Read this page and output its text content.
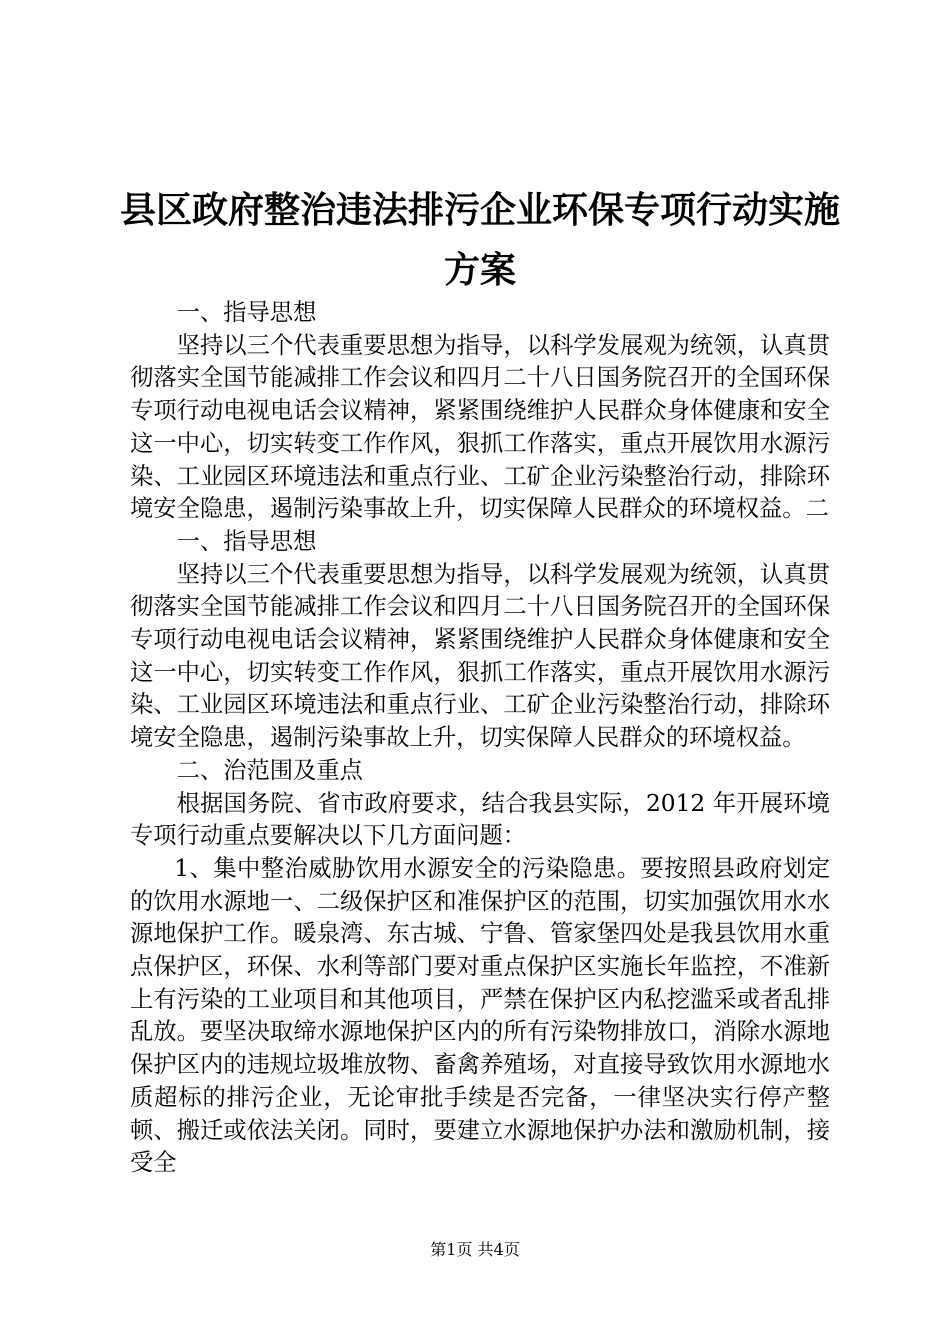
县区政府整治违法排污企业环保专项行动实施
方案

一、指导思想

坚持以三个代表重要思想为指导，以科学发展观为统领，认真贯彻落实全国节能减排工作会议和四月二十八日国务院召开的全国环保专项行动电视电话会议精神，紧紧围绕维护人民群众身体健康和安全这一中心，切实转变工作作风，狠抓工作落实，重点开展饮用水源污染、工业园区环境违法和重点行业、工矿企业污染整治行动，排除环境安全隐患，遏制污染事故上升，切实保障人民群众的环境权益。二

一、指导思想

坚持以三个代表重要思想为指导，以科学发展观为统领，认真贯彻落实全国节能减排工作会议和四月二十八日国务院召开的全国环保专项行动电视电话会议精神，紧紧围绕维护人民群众身体健康和安全这一中心，切实转变工作作风，狠抓工作落实，重点开展饮用水源污染、工业园区环境违法和重点行业、工矿企业污染整治行动，排除环境安全隐患，遏制污染事故上升，切实保障人民群众的环境权益。

二、治范围及重点

根据国务院、省市政府要求，结合我县实际，2012 年开展环境专项行动重点要解决以下几方面问题：

1、集中整治威胁饮用水源安全的污染隐患。要按照县政府划定的饮用水源地一、二级保护区和准保护区的范围，切实加强饮用水水源地保护工作。暖泉湾、东古城、宁鲁、管家堡四处是我县饮用水重点保护区，环保、水利等部门要对重点保护区实施长年监控，不准新上有污染的工业项目和其他项目，严禁在保护区内私挖滥采或者乱排乱放。要坚决取缔水源地保护区内的所有污染物排放口，消除水源地保护区内的违规垃圾堆放物、畜禽养殖场，对直接导致饮用水源地水质超标的排污企业，无论审批手续是否完备，一律坚决实行停产整顿、搬迁或依法关闭。同时，要建立水源地保护办法和激励机制，接受全

第1页 共4页
